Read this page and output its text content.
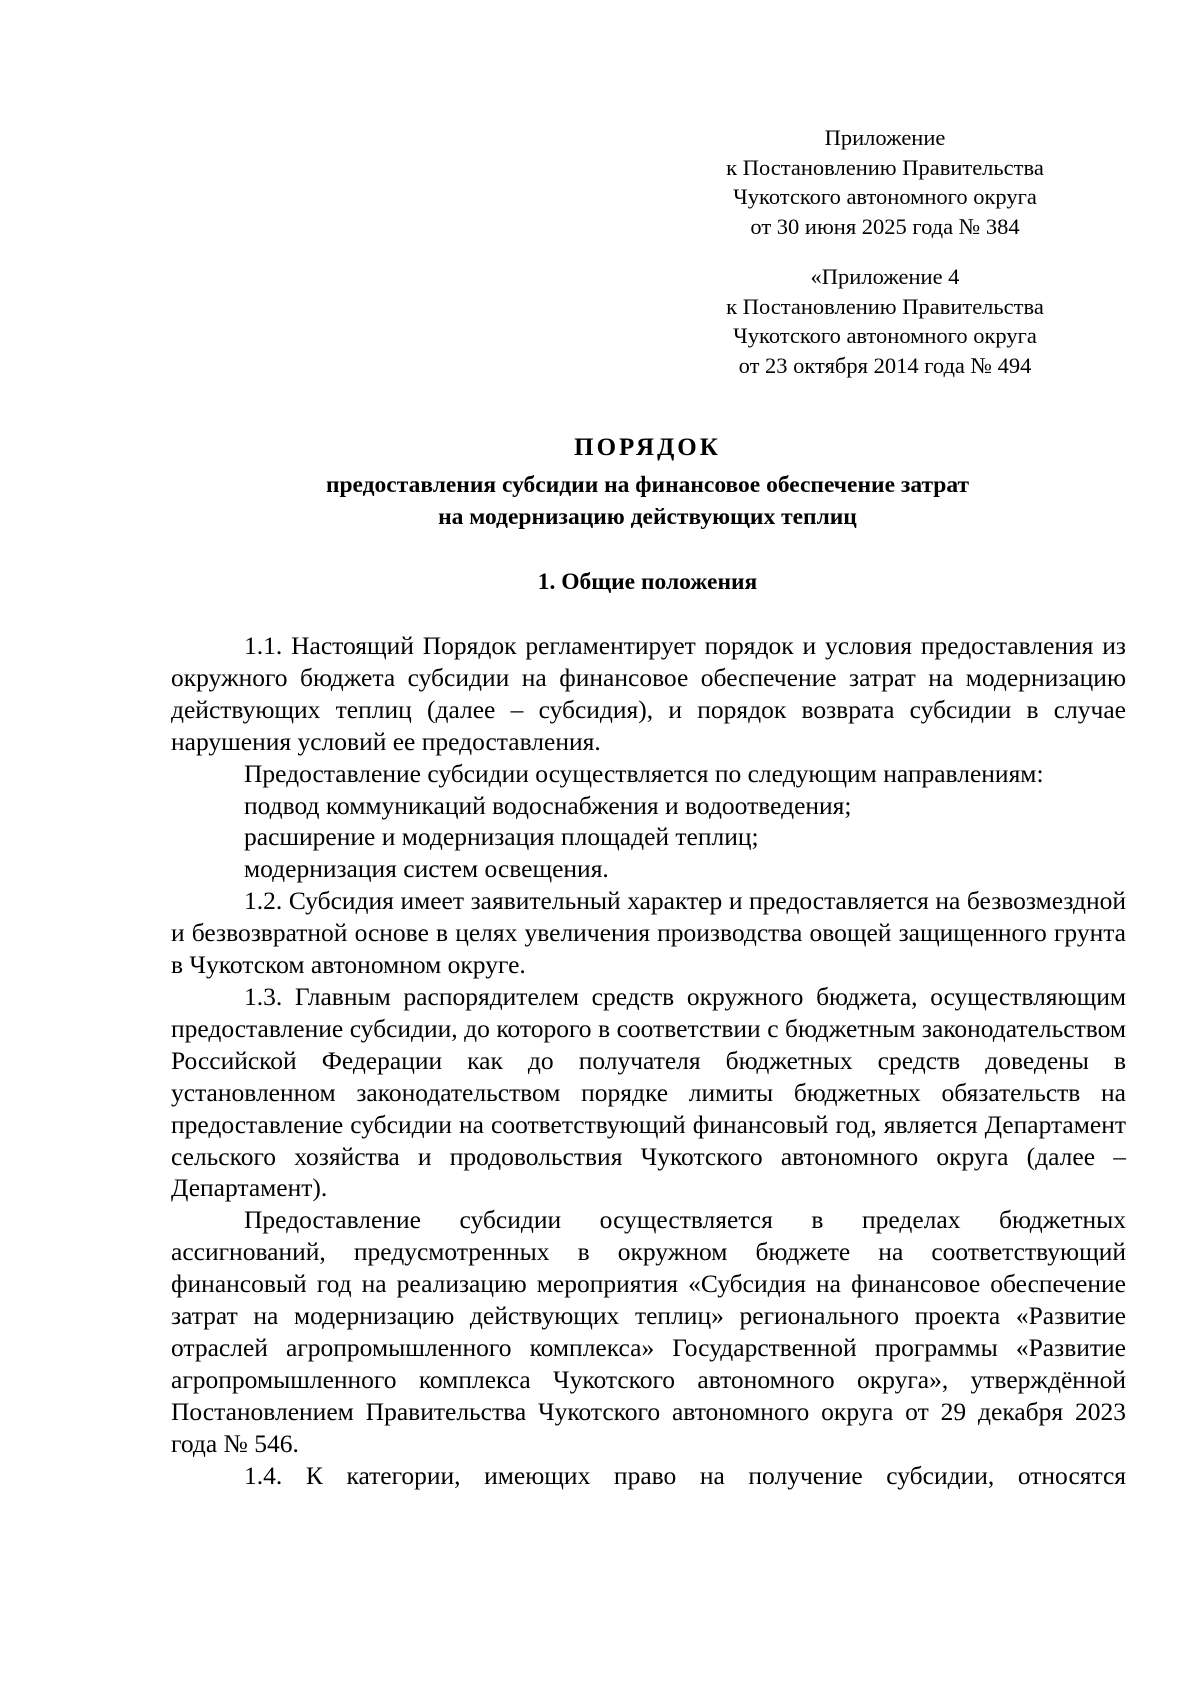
Приложение
к Постановлению Правительства
Чукотского автономного округа
от 30 июня 2025 года № 384
«Приложение 4
к Постановлению Правительства
Чукотского автономного округа
от 23 октября 2014 года № 494
ПОРЯДОК
предоставления субсидии на финансовое обеспечение затрат
на модернизацию действующих теплиц
1. Общие положения

1.1. Настоящий Порядок регламентирует порядок и условия предоставления из окружного бюджета субсидии на финансовое обеспечение затрат на модернизацию действующих теплиц (далее – субсидия), и порядок возврата субсидии в случае нарушения условий ее предоставления.

Предоставление субсидии осуществляется по следующим направлениям:

подвод коммуникаций водоснабжения и водоотведения;

расширение и модернизация площадей теплиц;

модернизация систем освещения.

1.2. Субсидия имеет заявительный характер и предоставляется на безвозмездной и безвозвратной основе в целях увеличения производства овощей защищенного грунта в Чукотском автономном округе.

1.3. Главным распорядителем средств окружного бюджета, осуществляющим предоставление субсидии, до которого в соответствии с бюджетным законодательством Российской Федерации как до получателя бюджетных средств доведены в установленном законодательством порядке лимиты бюджетных обязательств на предоставление субсидии на соответствующий финансовый год, является Департамент сельского хозяйства и продовольствия Чукотского автономного округа (далее – Департамент).

Предоставление субсидии осуществляется в пределах бюджетных ассигнований, предусмотренных в окружном бюджете на соответствующий финансовый год на реализацию мероприятия «Субсидия на финансовое обеспечение затрат на модернизацию действующих теплиц» регионального проекта «Развитие отраслей агропромышленного комплекса» Государственной программы «Развитие агропромышленного комплекса Чукотского автономного округа», утверждённой Постановлением Правительства Чукотского автономного округа от 29 декабря 2023 года № 546.

1.4. К категории, имеющих право на получение субсидии, относятся
